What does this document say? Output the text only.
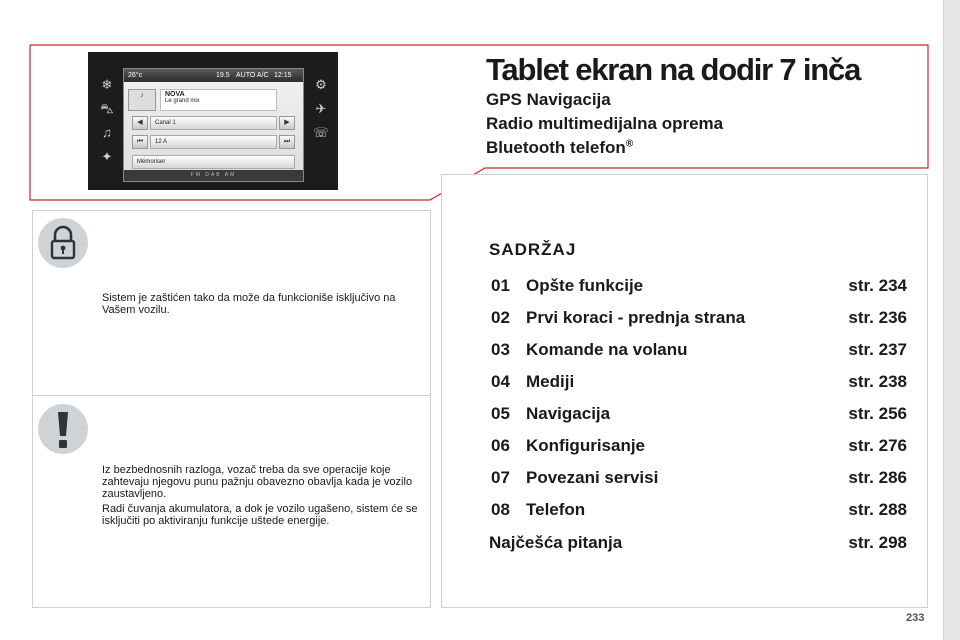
❄
⛍
♫
✦
⚙
✈
☏
26°c	19.5 AUTO A/C 12:15
♪	NOVA
Le grand mix
◀	Canal 1	▶
⏮	12 A	⏭
Mémoriser
FM DAB AM
Tablet ekran na dodir 7 inča
GPS Navigacija
Radio multimedijalna oprema
Bluetooth telefon®

Sistem je zaštićen tako da može da funkcioniše isključivo na Vašem vozilu.

Iz bezbednosnih razloga, vozač treba da sve operacije koje zahtevaju njegovu punu pažnju obavezno obavlja kada je vozilo zaustavljeno.

Radi čuvanja akumulatora, a dok je vozilo ugašeno, sistem će se isključiti po aktiviranju funkcije uštede energije.

SADRŽAJ
01 Opšte funkcije	str. 234
02 Prvi koraci - prednja strana	str. 236
03 Komande na volanu	str. 237
04 Mediji	str. 238
05 Navigacija	str. 256
06 Konfigurisanje	str. 276
07 Povezani servisi	str. 286
08 Telefon	str. 288
Najčešća pitanja	str. 298
233
